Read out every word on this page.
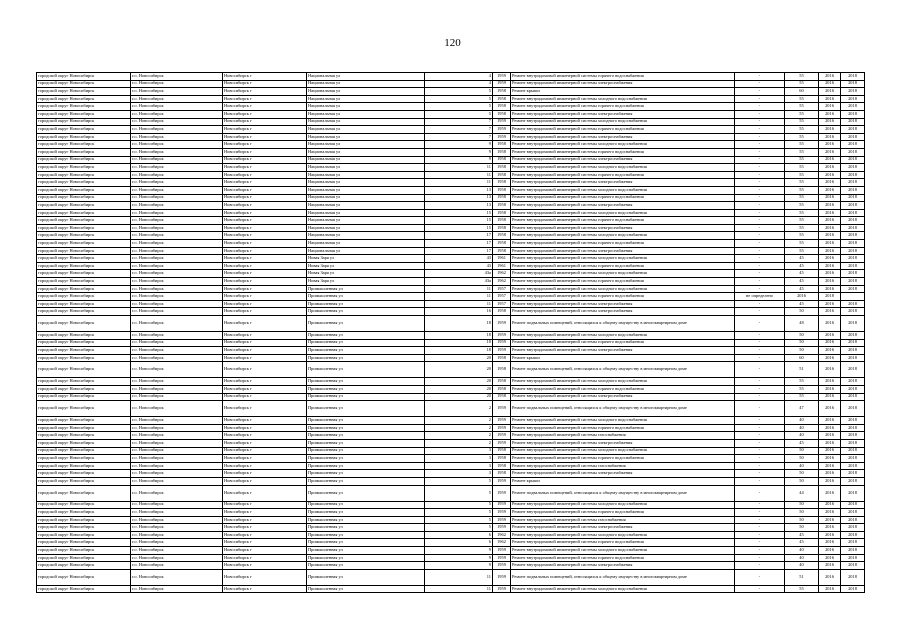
120
городской округ Новосибирск	г.о. Новосибирск	Новосибирск г	Национальная ул	4	1959	Ремонт внутридомовой инженерной системы горячего водоснабжения	-	55	2016	2018
городской округ Новосибирск	г.о. Новосибирск	Новосибирск г	Национальная ул	4	1959	Ремонт внутридомовой инженерной системы электроснабжения	-	55	2016	2018
городской округ Новосибирск	г.о. Новосибирск	Новосибирск г	Национальная ул	5	1958	Ремонт крыши	-	60	2016	2018
городской округ Новосибирск	г.о. Новосибирск	Новосибирск г	Национальная ул	5	1958	Ремонт внутридомовой инженерной системы холодного водоснабжения	-	55	2016	2018
городской округ Новосибирск	г.о. Новосибирск	Новосибирск г	Национальная ул	5	1958	Ремонт внутридомовой инженерной системы горячего водоснабжения	-	55	2016	2018
городской округ Новосибирск	г.о. Новосибирск	Новосибирск г	Национальная ул	5	1958	Ремонт внутридомовой инженерной системы электроснабжения	-	55	2016	2018
городской округ Новосибирск	г.о. Новосибирск	Новосибирск г	Национальная ул	7	1959	Ремонт внутридомовой инженерной системы холодного водоснабжения	-	55	2016	2018
городской округ Новосибирск	г.о. Новосибирск	Новосибирск г	Национальная ул	7	1959	Ремонт внутридомовой инженерной системы горячего водоснабжения	-	55	2016	2018
городской округ Новосибирск	г.о. Новосибирск	Новосибирск г	Национальная ул	7	1959	Ремонт внутридомовой инженерной системы электроснабжения	-	55	2016	2018
городской округ Новосибирск	г.о. Новосибирск	Новосибирск г	Национальная ул	9	1958	Ремонт внутридомовой инженерной системы холодного водоснабжения	-	55	2016	2018
городской округ Новосибирск	г.о. Новосибирск	Новосибирск г	Национальная ул	9	1958	Ремонт внутридомовой инженерной системы горячего водоснабжения	-	55	2016	2018
городской округ Новосибирск	г.о. Новосибирск	Новосибирск г	Национальная ул	9	1958	Ремонт внутридомовой инженерной системы электроснабжения	-	55	2016	2018
городской округ Новосибирск	г.о. Новосибирск	Новосибирск г	Национальная ул	11	1958	Ремонт внутридомовой инженерной системы холодного водоснабжения	-	55	2016	2018
городской округ Новосибирск	г.о. Новосибирск	Новосибирск г	Национальная ул	11	1958	Ремонт внутридомовой инженерной системы горячего водоснабжения	-	55	2016	2018
городской округ Новосибирск	г.о. Новосибирск	Новосибирск г	Национальная ул	11	1958	Ремонт внутридомовой инженерной системы электроснабжения	-	55	2016	2018
городской округ Новосибирск	г.о. Новосибирск	Новосибирск г	Национальная ул	13	1958	Ремонт внутридомовой инженерной системы холодного водоснабжения	-	55	2016	2018
городской округ Новосибирск	г.о. Новосибирск	Новосибирск г	Национальная ул	13	1958	Ремонт внутридомовой инженерной системы горячего водоснабжения	-	55	2016	2018
городской округ Новосибирск	г.о. Новосибирск	Новосибирск г	Национальная ул	13	1958	Ремонт внутридомовой инженерной системы электроснабжения	-	55	2016	2018
городской округ Новосибирск	г.о. Новосибирск	Новосибирск г	Национальная ул	15	1958	Ремонт внутридомовой инженерной системы холодного водоснабжения	-	55	2016	2018
городской округ Новосибирск	г.о. Новосибирск	Новосибирск г	Национальная ул	15	1958	Ремонт внутридомовой инженерной системы горячего водоснабжения	-	55	2016	2018
городской округ Новосибирск	г.о. Новосибирск	Новосибирск г	Национальная ул	15	1958	Ремонт внутридомовой инженерной системы электроснабжения	-	55	2016	2018
городской округ Новосибирск	г.о. Новосибирск	Новосибирск г	Национальная ул	17	1958	Ремонт внутридомовой инженерной системы холодного водоснабжения	-	55	2016	2018
городской округ Новосибирск	г.о. Новосибирск	Новосибирск г	Национальная ул	17	1958	Ремонт внутридомовой инженерной системы горячего водоснабжения	-	55	2016	2018
городской округ Новосибирск	г.о. Новосибирск	Новосибирск г	Национальная ул	17	1958	Ремонт внутридомовой инженерной системы электроснабжения	-	55	2016	2018
городской округ Новосибирск	г.о. Новосибирск	Новосибирск г	Новая Заря ул	43	1961	Ремонт внутридомовой инженерной системы холодного водоснабжения	-	45	2016	2018
городской округ Новосибирск	г.о. Новосибирск	Новосибирск г	Новая Заря ул	43	1961	Ремонт внутридомовой инженерной системы горячего водоснабжения	-	45	2016	2018
городской округ Новосибирск	г.о. Новосибирск	Новосибирск г	Новая Заря ул	43а	1962	Ремонт внутридомовой инженерной системы холодного водоснабжения	-	45	2016	2018
городской округ Новосибирск	г.о. Новосибирск	Новосибирск г	Новая Заря ул	43а	1962	Ремонт внутридомовой инженерной системы горячего водоснабжения	-	45	2016	2018
городской округ Новосибирск	г.о. Новосибирск	Новосибирск г	Промышленная ул	11	1957	Ремонт внутридомовой инженерной системы холодного водоснабжения	-	45	2016	2018
городской округ Новосибирск	г.о. Новосибирск	Новосибирск г	Промышленная ул	11	1957	Ремонт внутридомовой инженерной системы горячего водоснабжения	не определено	2016	2018	
городской округ Новосибирск	г.о. Новосибирск	Новосибирск г	Промышленная ул	11	1957	Ремонт внутридомовой инженерной системы электроснабжения	-	45	2016	2018
городской округ Новосибирск	г.о. Новосибирск	Новосибирск г	Промышленная ул	16	1958	Ремонт внутридомовой инженерной системы электроснабжения	-	50	2016	2018
городской округ Новосибирск	г.о. Новосибирск	Новосибирск г	Промышленная ул	18	1959	Ремонт подвальных помещений, относящихся к общему имуществу в многоквартирном доме	-	48	2016	2018
городской округ Новосибирск	г.о. Новосибирск	Новосибирск г	Промышленная ул	18	1959	Ремонт внутридомовой инженерной системы холодного водоснабжения	-	50	2016	2018
городской округ Новосибирск	г.о. Новосибирск	Новосибирск г	Промышленная ул	18	1959	Ремонт внутридомовой инженерной системы горячего водоснабжения	-	50	2016	2018
городской округ Новосибирск	г.о. Новосибирск	Новосибирск г	Промышленная ул	18	1959	Ремонт внутридомовой инженерной системы электроснабжения	-	50	2016	2018
городской округ Новосибирск	г.о. Новосибирск	Новосибирск г	Промышленная ул	20	1958	Ремонт крыши	-	60	2016	2018
городской округ Новосибирск	г.о. Новосибирск	Новосибирск г	Промышленная ул	20	1958	Ремонт подвальных помещений, относящихся к общему имуществу в многоквартирном доме	-	51	2016	2018
городской округ Новосибирск	г.о. Новосибирск	Новосибирск г	Промышленная ул	20	1958	Ремонт внутридомовой инженерной системы холодного водоснабжения	-	55	2016	2018
городской округ Новосибирск	г.о. Новосибирск	Новосибирск г	Промышленная ул	20	1958	Ремонт внутридомовой инженерной системы горячего водоснабжения	-	55	2016	2018
городской округ Новосибирск	г.о. Новосибирск	Новосибирск г	Промышленная ул	20	1958	Ремонт внутридомовой инженерной системы электроснабжения	-	55	2016	2018
городской округ Новосибирск	г.о. Новосибирск	Новосибирск г	Промышленная ул	2	1959	Ремонт подвальных помещений, относящихся к общему имуществу в многоквартирном доме	-	47	2016	2018
городской округ Новосибирск	г.о. Новосибирск	Новосибирск г	Промышленная ул	2	1959	Ремонт внутридомовой инженерной системы холодного водоснабжения	-	40	2016	2018
городской округ Новосибирск	г.о. Новосибирск	Новосибирск г	Промышленная ул	2	1959	Ремонт внутридомовой инженерной системы горячего водоснабжения	-	40	2016	2018
городской округ Новосибирск	г.о. Новосибирск	Новосибирск г	Промышленная ул	2	1959	Ремонт внутридомовой инженерной системы газоснабжения	-	40	2016	2018
городской округ Новосибирск	г.о. Новосибирск	Новосибирск г	Промышленная ул	2	1959	Ремонт внутридомовой инженерной системы электроснабжения	-	45	2016	2018
городской округ Новосибирск	г.о. Новосибирск	Новосибирск г	Промышленная ул	3	1958	Ремонт внутридомовой инженерной системы холодного водоснабжения	-	50	2016	2018
городской округ Новосибирск	г.о. Новосибирск	Новосибирск г	Промышленная ул	3	1958	Ремонт внутридомовой инженерной системы горячего водоснабжения	-	50	2016	2018
городской округ Новосибирск	г.о. Новосибирск	Новосибирск г	Промышленная ул	3	1958	Ремонт внутридомовой инженерной системы газоснабжения	-	40	2016	2018
городской округ Новосибирск	г.о. Новосибирск	Новосибирск г	Промышленная ул	3	1958	Ремонт внутридомовой инженерной системы электроснабжения	-	50	2016	2018
городской округ Новосибирск	г.о. Новосибирск	Новосибирск г	Промышленная ул	5	1959	Ремонт крыши	-	50	2016	2018
городской округ Новосибирск	г.о. Новосибирск	Новосибирск г	Промышленная ул	5	1959	Ремонт подвальных помещений, относящихся к общему имуществу в многоквартирном доме	-	44	2016	2018
городской округ Новосибирск	г.о. Новосибирск	Новосибирск г	Промышленная ул	5	1959	Ремонт внутридомовой инженерной системы холодного водоснабжения	-	50	2016	2018
городской округ Новосибирск	г.о. Новосибирск	Новосибирск г	Промышленная ул	5	1959	Ремонт внутридомовой инженерной системы горячего водоснабжения	-	50	2016	2018
городской округ Новосибирск	г.о. Новосибирск	Новосибирск г	Промышленная ул	5	1959	Ремонт внутридомовой инженерной системы газоснабжения	-	50	2016	2018
городской округ Новосибирск	г.о. Новосибирск	Новосибирск г	Промышленная ул	5	1959	Ремонт внутридомовой инженерной системы электроснабжения	-	50	2016	2018
городской округ Новосибирск	г.о. Новосибирск	Новосибирск г	Промышленная ул	6	1962	Ремонт внутридомовой инженерной системы холодного водоснабжения	-	45	2016	2018
городской округ Новосибирск	г.о. Новосибирск	Новосибирск г	Промышленная ул	6	1962	Ремонт внутридомовой инженерной системы горячего водоснабжения	-	45	2016	2018
городской округ Новосибирск	г.о. Новосибирск	Новосибирск г	Промышленная ул	9	1959	Ремонт внутридомовой инженерной системы холодного водоснабжения	-	40	2016	2018
городской округ Новосибирск	г.о. Новосибирск	Новосибирск г	Промышленная ул	9	1959	Ремонт внутридомовой инженерной системы горячего водоснабжения	-	40	2016	2018
городской округ Новосибирск	г.о. Новосибирск	Новосибирск г	Промышленная ул	9	1959	Ремонт внутридомовой инженерной системы электроснабжения	-	40	2016	2018
городской округ Новосибирск	г.о. Новосибирск	Новосибирск г	Промышленная ул	11	1959	Ремонт подвальных помещений, относящихся к общему имуществу в многоквартирном доме	-	51	2016	2018
городской округ Новосибирск	г.о. Новосибирск	Новосибирск г	Промышленная ул	11	1959	Ремонт внутридомовой инженерной системы холодного водоснабжения	-	55	2016	2018
